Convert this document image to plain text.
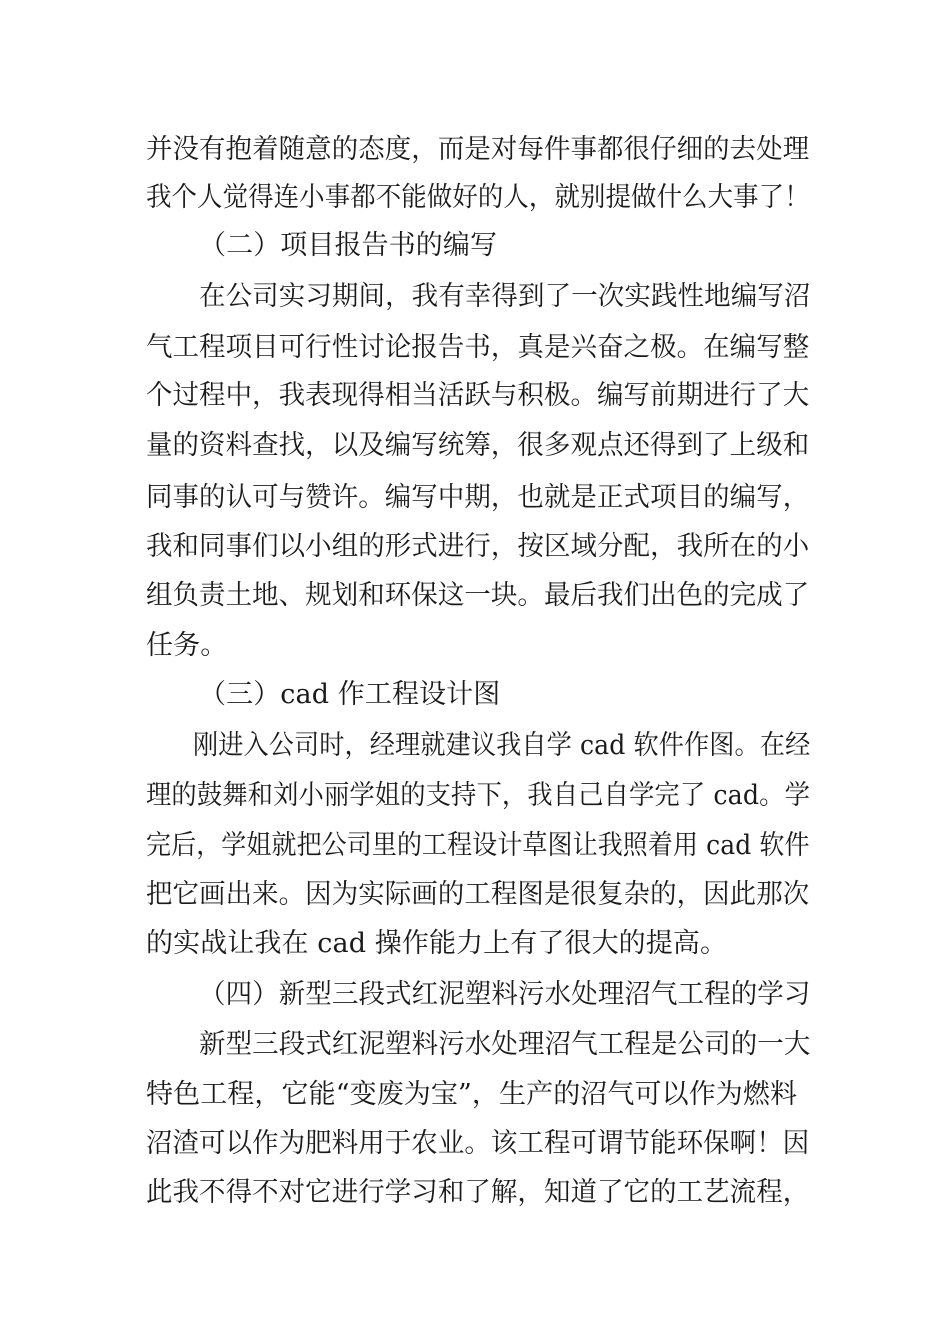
并没有抱着随意的态度，而是对每件事都很仔细的去处理
我个人觉得连小事都不能做好的人，就别提做什么大事了！
（二）项目报告书的编写
在公司实习期间，我有幸得到了一次实践性地编写沼
气工程项目可行性讨论报告书，真是兴奋之极。在编写整
个过程中，我表现得相当活跃与积极。编写前期进行了大
量的资料查找，以及编写统筹，很多观点还得到了上级和
同事的认可与赞许。编写中期，也就是正式项目的编写，
我和同事们以小组的形式进行，按区域分配，我所在的小
组负责土地、规划和环保这一块。最后我们出色的完成了
任务。
（三）cad 作工程设计图
刚进入公司时，经理就建议我自学 cad 软件作图。在经
理的鼓舞和刘小丽学姐的支持下，我自己自学完了 cad。学
完后，学姐就把公司里的工程设计草图让我照着用 cad 软件
把它画出来。因为实际画的工程图是很复杂的，因此那次
的实战让我在 cad 操作能力上有了很大的提高。
（四）新型三段式红泥塑料污水处理沼气工程的学习
新型三段式红泥塑料污水处理沼气工程是公司的一大
特色工程，它能“变废为宝”，生产的沼气可以作为燃料
沼渣可以作为肥料用于农业。该工程可谓节能环保啊！因
此我不得不对它进行学习和了解，知道了它的工艺流程，
